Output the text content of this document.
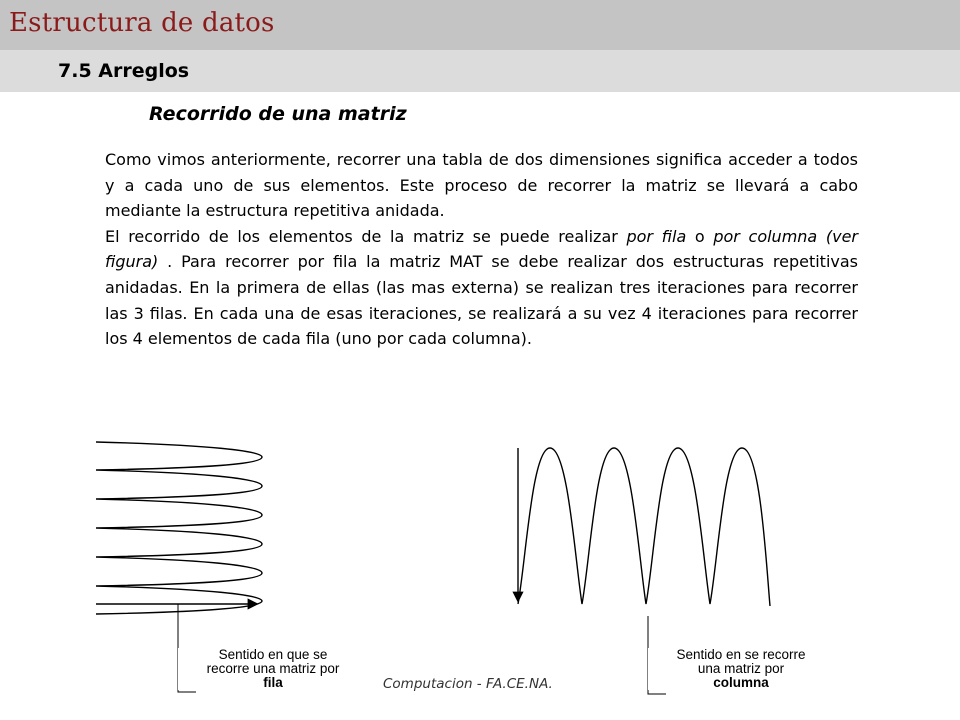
Estructura de datos
7.5 Arreglos
Recorrido de una matriz

Como vimos anteriormente, recorrer una tabla de dos dimensiones significa acceder a todos y a cada uno de sus elementos. Este proceso de recorrer la matriz se llevará a cabo mediante la estructura repetitiva anidada.

El recorrido de los elementos de la matriz se puede realizar por fila o por columna (ver figura) . Para recorrer por fila la matriz MAT se debe realizar dos estructuras repetitivas anidadas. En la primera de ellas (las mas externa) se realizan tres iteraciones para recorrer las 3 filas. En cada una de esas iteraciones, se realizará a su vez 4 iteraciones para recorrer los 4 elementos de cada fila (uno por cada columna).

Sentido en que se
recorre una matriz por
fila
Sentido en se recorre
una matriz por
columna
Computacion - FA.CE.NA.
